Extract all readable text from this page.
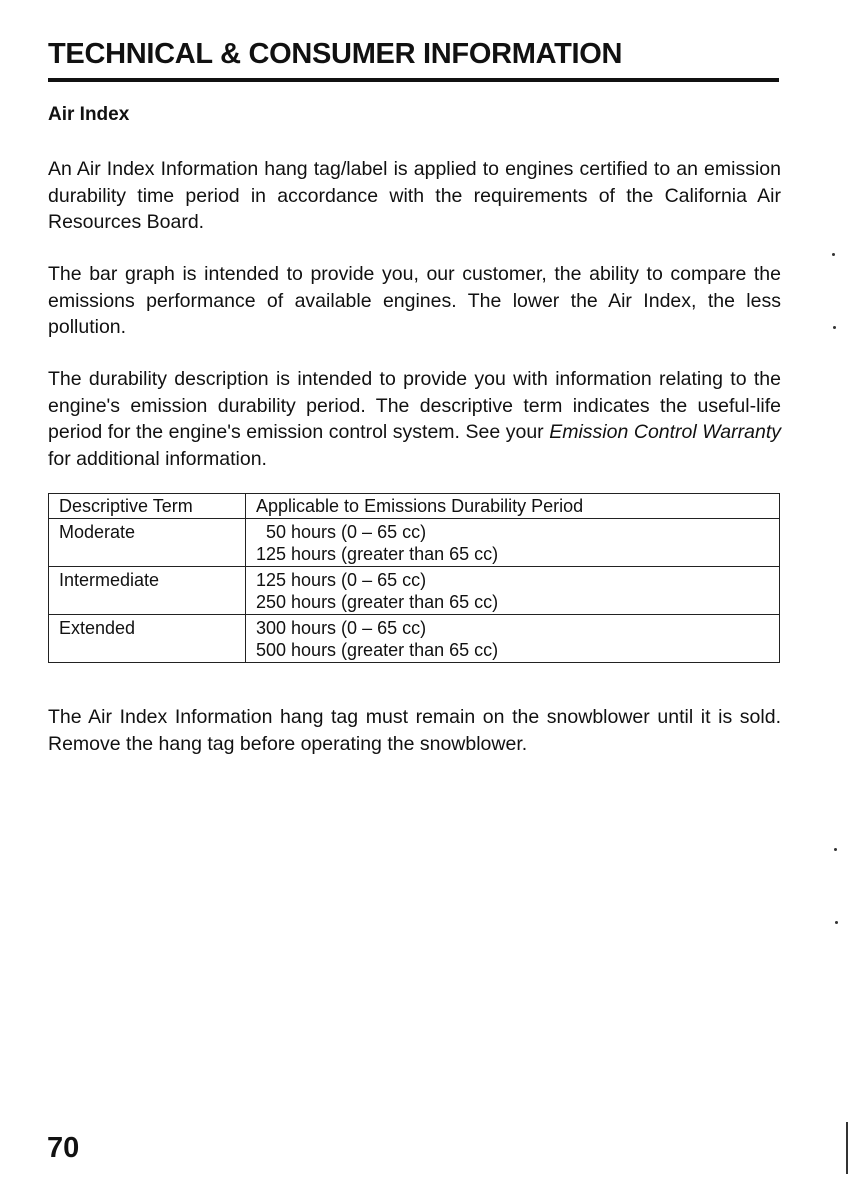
TECHNICAL & CONSUMER INFORMATION
Air Index

An Air Index Information hang tag/label is applied to engines certified to an emission durability time period in accordance with the requirements of the California Air Resources Board.

The bar graph is intended to provide you, our customer, the ability to compare the emissions performance of available engines. The lower the Air Index, the less pollution.

The durability description is intended to provide you with information relating to the engine's emission durability period. The descriptive term indicates the useful-life period for the engine's emission control system. See your Emission Control Warranty for additional information.

Descriptive Term	Applicable to Emissions Durability Period
Moderate	50 hours (0 – 65 cc)
125 hours (greater than 65 cc)

Intermediate	125 hours (0 – 65 cc)
250 hours (greater than 65 cc)

Extended	300 hours (0 – 65 cc)
500 hours (greater than 65 cc)

The Air Index Information hang tag must remain on the snowblower until it is sold. Remove the hang tag before operating the snowblower.

70
